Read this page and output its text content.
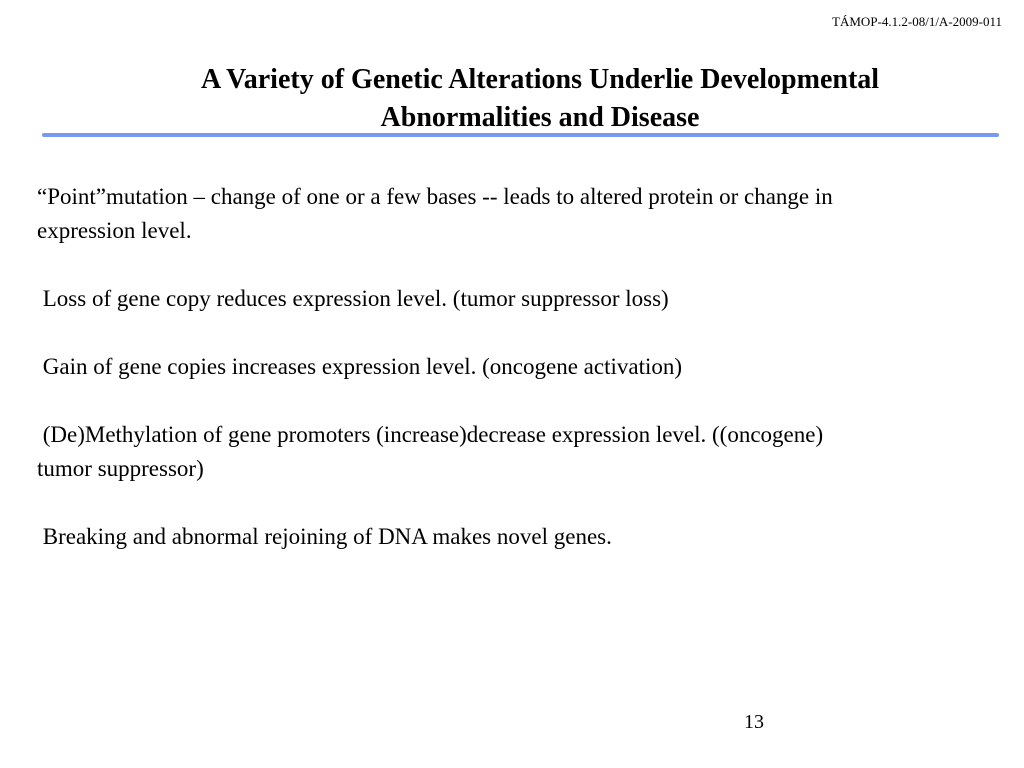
TÁMOP-4.1.2-08/1/A-2009-011
A Variety of Genetic Alterations Underlie Developmental
Abnormalities and Disease

“Point”mutation – change of one or a few bases -- leads to altered protein or change in expression level.

Loss of gene copy reduces expression level. (tumor suppressor loss)

Gain of gene copies increases expression level. (oncogene activation)

(De)Methylation of gene promoters (increase)decrease expression level. ((oncogene) tumor suppressor)

Breaking and abnormal rejoining of DNA makes novel genes.

13
